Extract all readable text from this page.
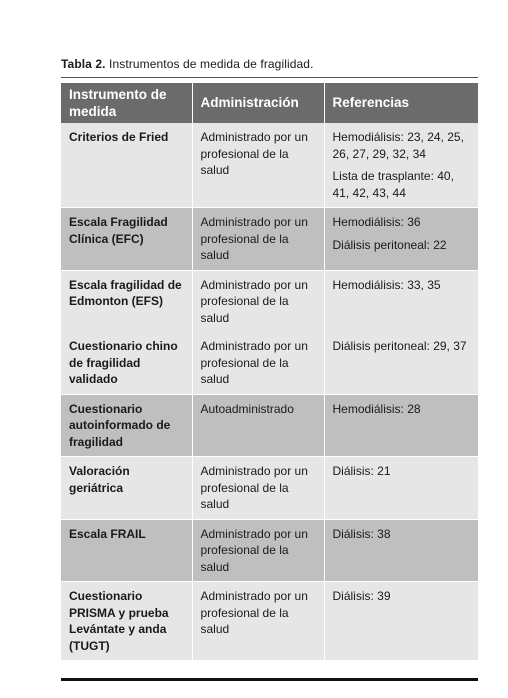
Tabla 2. Instrumentos de medida de fragilidad.
Instrumento de medida	Administración	Referencias
Criterios de Fried	Administrado por un profesional de la salud	Hemodiálisis: 23, 24, 25, 26, 27, 29, 32, 34
Lista de trasplante: 40, 41, 42, 43, 44

Escala Fragilidad Clínica (EFC)	Administrado por un profesional de la salud	Hemodiálisis: 36
Diálisis peritoneal: 22

Escala fragilidad de Edmonton (EFS)	Administrado por un profesional de la salud	Hemodiálisis: 33, 35

Cuestionario chino de fragilidad validado	Administrado por un profesional de la salud	Diálisis peritoneal: 29, 37

Cuestionario autoinformado de fragilidad	Autoadministrado	Hemodiálisis: 28

Valoración geriátrica	Administrado por un profesional de la salud	Diálisis: 21

Escala FRAIL	Administrado por un profesional de la salud	Diálisis: 38

Cuestionario PRISMA y prueba Levántate y anda (TUGT)	Administrado por un profesional de la salud	Diálisis: 39
